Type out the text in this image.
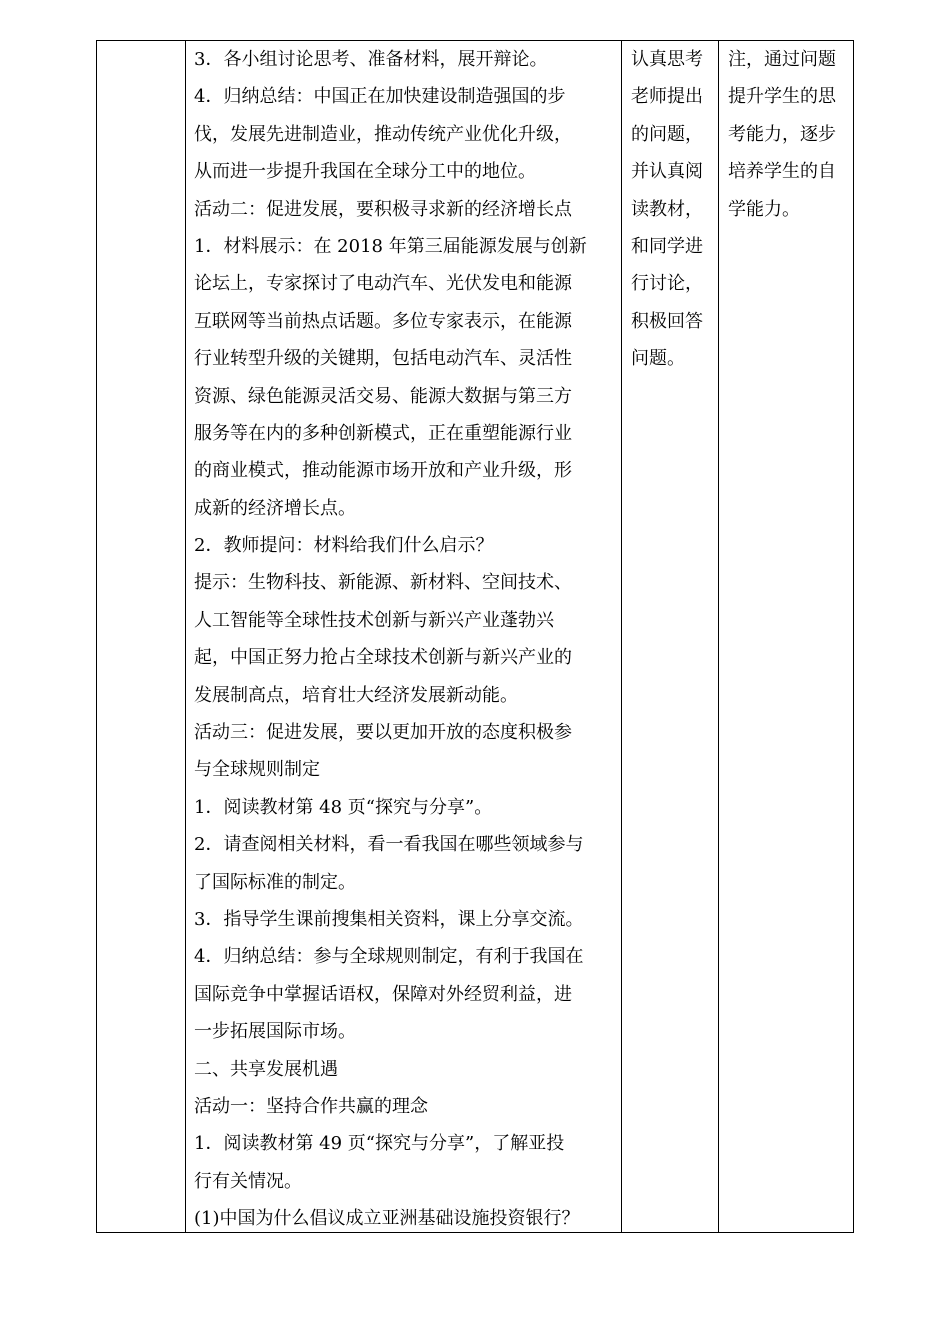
3．各小组讨论思考、准备材料，展开辩论。
4．归纳总结：中国正在加快建设制造强国的步
伐，发展先进制造业，推动传统产业优化升级，
从而进一步提升我国在全球分工中的地位。
活动二：促进发展，要积极寻求新的经济增长点
1．材料展示：在 2018 年第三届能源发展与创新
论坛上，专家探讨了电动汽车、光伏发电和能源
互联网等当前热点话题。多位专家表示，在能源
行业转型升级的关键期，包括电动汽车、灵活性
资源、绿色能源灵活交易、能源大数据与第三方
服务等在内的多种创新模式，正在重塑能源行业
的商业模式，推动能源市场开放和产业升级，形
成新的经济增长点。
2．教师提问：材料给我们什么启示？
提示：生物科技、新能源、新材料、空间技术、
人工智能等全球性技术创新与新兴产业蓬勃兴
起，中国正努力抢占全球技术创新与新兴产业的
发展制高点，培育壮大经济发展新动能。
活动三：促进发展，要以更加开放的态度积极参
与全球规则制定
1．阅读教材第 48 页“探究与分享”。
2．请查阅相关材料，看一看我国在哪些领域参与
了国际标准的制定。
3．指导学生课前搜集相关资料，课上分享交流。
4．归纳总结：参与全球规则制定，有利于我国在
国际竞争中掌握话语权，保障对外经贸利益，进
一步拓展国际市场。
二、共享发展机遇
活动一：坚持合作共赢的理念
1．阅读教材第 49 页“探究与分享”，了解亚投
行有关情况。
(1)中国为什么倡议成立亚洲基础设施投资银行？
认真思考
老师提出
的问题，
并认真阅
读教材，
和同学进
行讨论，
积极回答
问题。
注，通过问题
提升学生的思
考能力，逐步
培养学生的自
学能力。
